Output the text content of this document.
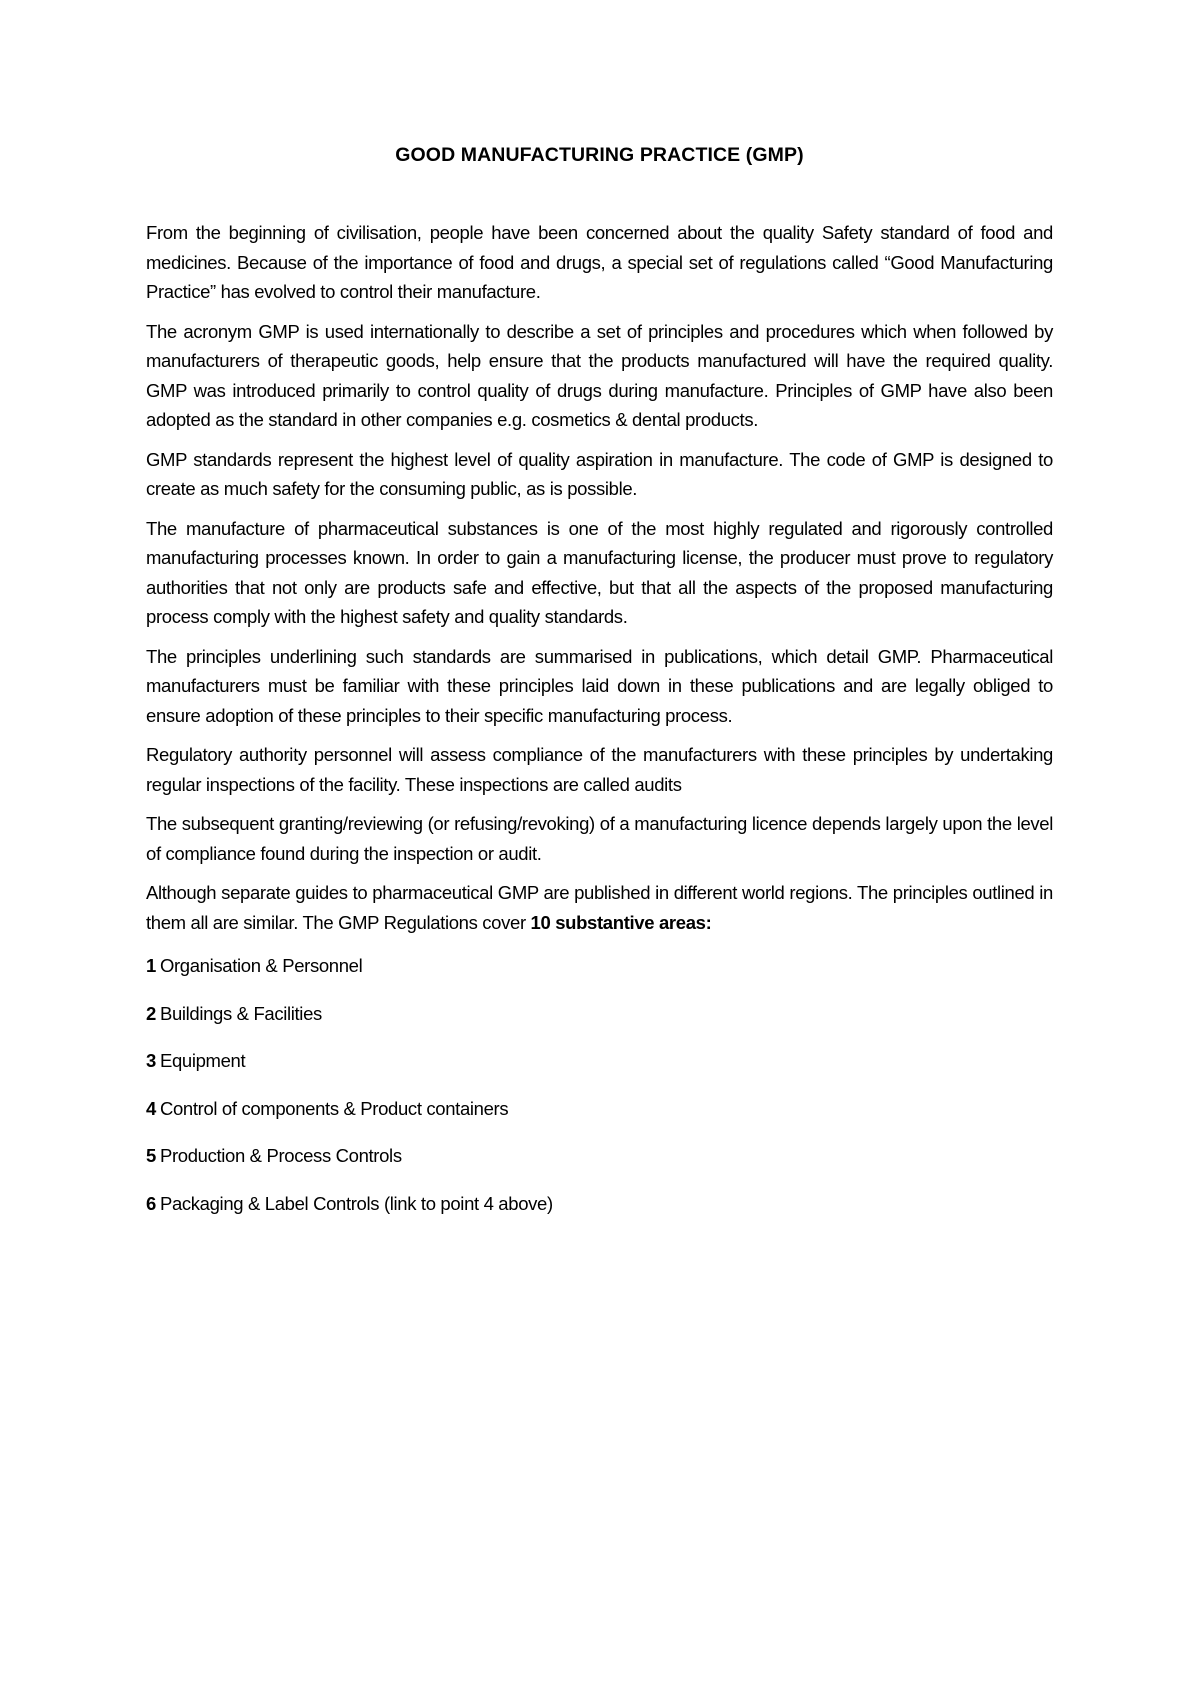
GOOD MANUFACTURING PRACTICE (GMP)

From the beginning of civilisation, people have been concerned about the quality Safety standard of food and medicines. Because of the importance of food and drugs, a special set of regulations called “Good Manufacturing Practice” has evolved to control their manufacture.

The acronym GMP is used internationally to describe a set of principles and procedures which when followed by manufacturers of therapeutic goods, help ensure that the products manufactured will have the required quality. GMP was introduced primarily to control quality of drugs during manufacture. Principles of GMP have also been adopted as the standard in other companies e.g. cosmetics & dental products.

GMP standards represent the highest level of quality aspiration in manufacture. The code of GMP is designed to create as much safety for the consuming public, as is possible.

The manufacture of pharmaceutical substances is one of the most highly regulated and rigorously controlled manufacturing processes known. In order to gain a manufacturing license, the producer must prove to regulatory authorities that not only are products safe and effective, but that all the aspects of the proposed manufacturing process comply with the highest safety and quality standards.

The principles underlining such standards are summarised in publications, which detail GMP. Pharmaceutical manufacturers must be familiar with these principles laid down in these publications and are legally obliged to ensure adoption of these principles to their specific manufacturing process.

Regulatory authority personnel will assess compliance of the manufacturers with these principles by undertaking regular inspections of the facility. These inspections are called audits

The subsequent granting/reviewing (or refusing/revoking) of a manufacturing licence depends largely upon the level of compliance found during the inspection or audit.

Although separate guides to pharmaceutical GMP are published in different world regions. The principles outlined in them all are similar. The GMP Regulations cover 10 substantive areas:

1 Organisation & Personnel
2 Buildings & Facilities
3 Equipment
4 Control of components & Product containers
5 Production & Process Controls
6 Packaging & Label Controls (link to point 4 above)
